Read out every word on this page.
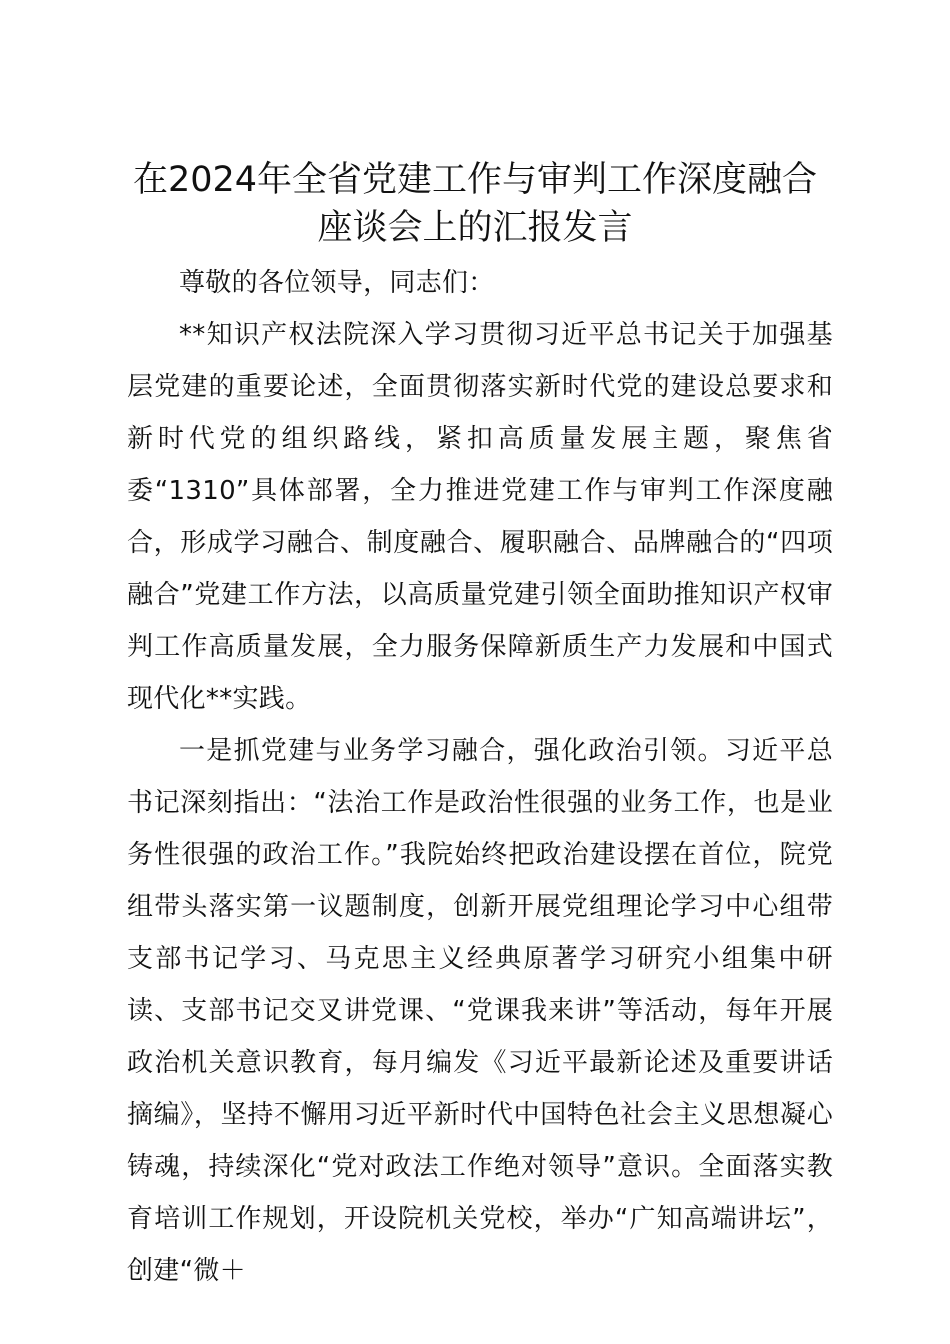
在2024年全省党建工作与审判工作深度融合
座谈会上的汇报发言

尊敬的各位领导，同志们：

**知识产权法院深入学习贯彻习近平总书记关于加强基层党建的重要论述，全面贯彻落实新时代党的建设总要求和新时代党的组织路线，紧扣高质量发展主题，聚焦省委“1310”具体部署，全力推进党建工作与审判工作深度融合，形成学习融合、制度融合、履职融合、品牌融合的“四项融合”党建工作方法，以高质量党建引领全面助推知识产权审判工作高质量发展，全力服务保障新质生产力发展和中国式现代化**实践。

一是抓党建与业务学习融合，强化政治引领。习近平总书记深刻指出：“法治工作是政治性很强的业务工作，也是业务性很强的政治工作。”我院始终把政治建设摆在首位，院党组带头落实第一议题制度，创新开展党组理论学习中心组带支部书记学习、马克思主义经典原著学习研究小组集中研读、支部书记交叉讲党课、“党课我来讲”等活动，每年开展政治机关意识教育，每月编发《习近平最新论述及重要讲话摘编》，坚持不懈用习近平新时代中国特色社会主义思想凝心铸魂，持续深化“党对政法工作绝对领导”意识。全面落实教育培训工作规划，开设院机关党校，举办“广知高端讲坛”，创建“微＋
